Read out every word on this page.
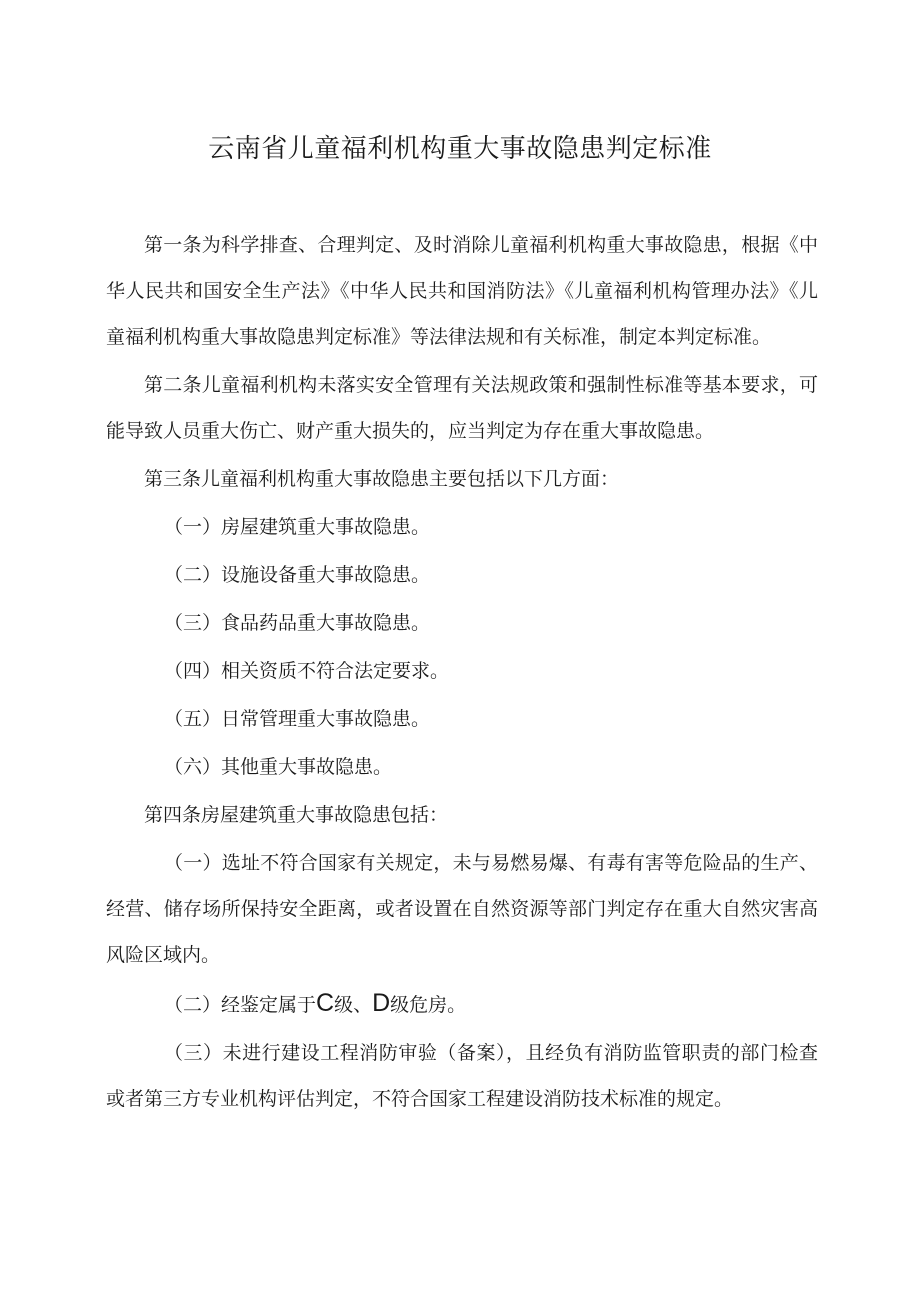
云南省儿童福利机构重大事故隐患判定标准

第一条为科学排查、合理判定、及时消除儿童福利机构重大事故隐患，根据《中华人民共和国安全生产法》《中华人民共和国消防法》《儿童福利机构管理办法》《儿童福利机构重大事故隐患判定标准》等法律法规和有关标准，制定本判定标准。

第二条儿童福利机构未落实安全管理有关法规政策和强制性标准等基本要求，可能导致人员重大伤亡、财产重大损失的，应当判定为存在重大事故隐患。

第三条儿童福利机构重大事故隐患主要包括以下几方面：

（一）房屋建筑重大事故隐患。

（二）设施设备重大事故隐患。

（三）食品药品重大事故隐患。

（四）相关资质不符合法定要求。

（五）日常管理重大事故隐患。

（六）其他重大事故隐患。

第四条房屋建筑重大事故隐患包括：

（一）选址不符合国家有关规定，未与易燃易爆、有毒有害等危险品的生产、经营、储存场所保持安全距离，或者设置在自然资源等部门判定存在重大自然灾害高风险区域内。

（二）经鉴定属于C级、D级危房。

（三）未进行建设工程消防审验（备案），且经负有消防监管职责的部门检查或者第三方专业机构评估判定，不符合国家工程建设消防技术标准的规定。
